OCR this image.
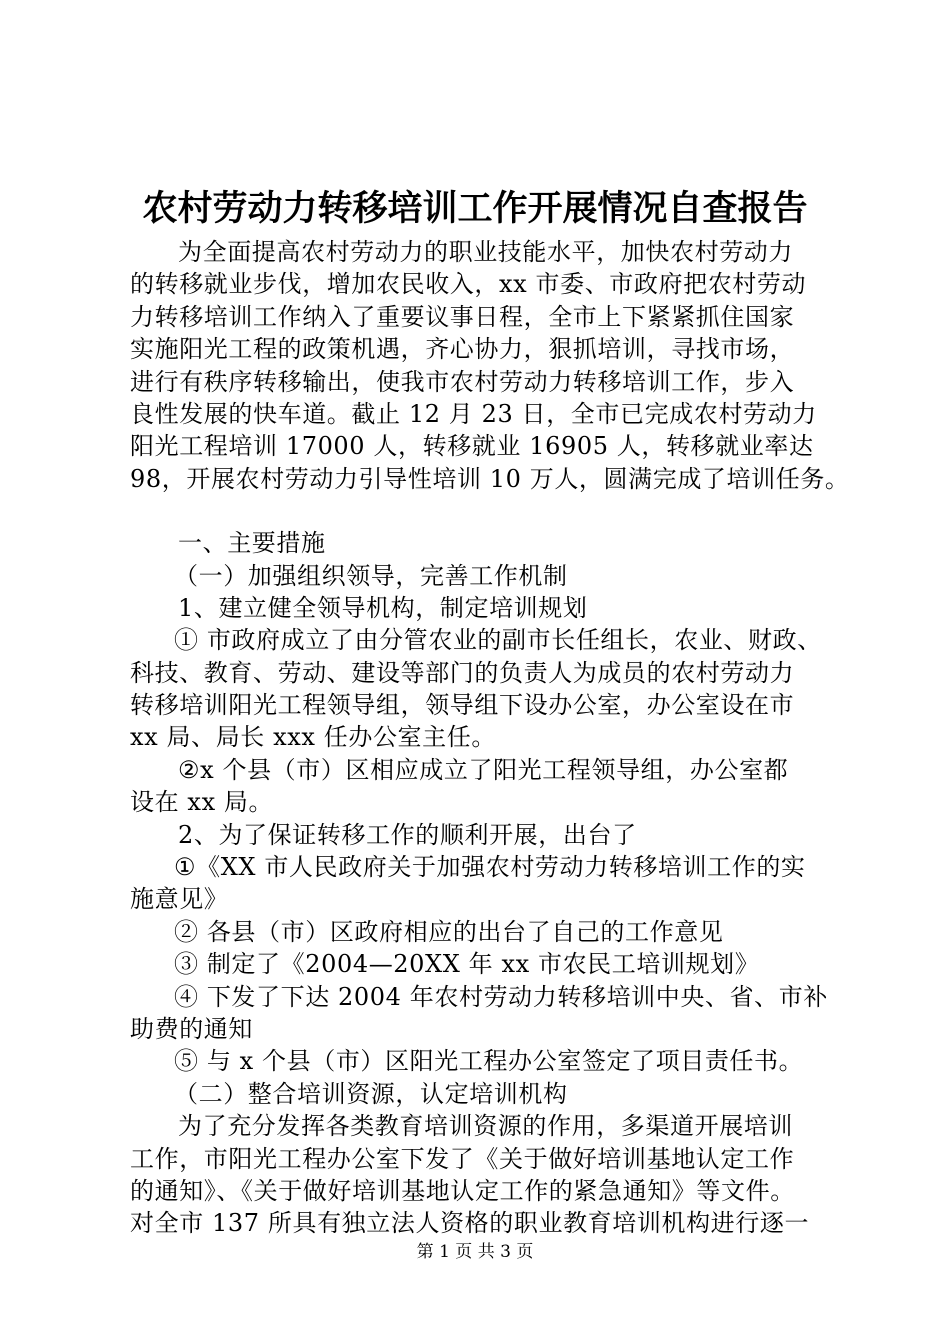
农村劳动力转移培训工作开展情况自查报告
为全面提高农村劳动力的职业技能水平，加快农村劳动力
的转移就业步伐，增加农民收入，xx 市委、市政府把农村劳动
力转移培训工作纳入了重要议事日程，全市上下紧紧抓住国家
实施阳光工程的政策机遇，齐心协力，狠抓培训，寻找市场，
进行有秩序转移输出，使我市农村劳动力转移培训工作，步入
良性发展的快车道。截止 12 月 23 日，全市已完成农村劳动力
阳光工程培训 17000 人，转移就业 16905 人，转移就业率达
98，开展农村劳动力引导性培训 10 万人，圆满完成了培训任务。
一、主要措施
（一）加强组织领导，完善工作机制
1、建立健全领导机构，制定培训规划
① 市政府成立了由分管农业的副市长任组长，农业、财政、
科技、教育、劳动、建设等部门的负责人为成员的农村劳动力
转移培训阳光工程领导组，领导组下设办公室，办公室设在市
xx 局、局长 xxx 任办公室主任。
②x 个县（市）区相应成立了阳光工程领导组，办公室都
设在 xx 局。
2、为了保证转移工作的顺利开展，出台了
①《XX 市人民政府关于加强农村劳动力转移培训工作的实
施意见》
② 各县（市）区政府相应的出台了自己的工作意见
③ 制定了《2004—20XX 年 xx 市农民工培训规划》
④ 下发了下达 2004 年农村劳动力转移培训中央、省、市补
助费的通知
⑤ 与 x 个县（市）区阳光工程办公室签定了项目责任书。
（二）整合培训资源，认定培训机构
为了充分发挥各类教育培训资源的作用，多渠道开展培训
工作，市阳光工程办公室下发了《关于做好培训基地认定工作
的通知》、《关于做好培训基地认定工作的紧急通知》等文件。
对全市 137 所具有独立法人资格的职业教育培训机构进行逐一
第 1 页 共 3 页
